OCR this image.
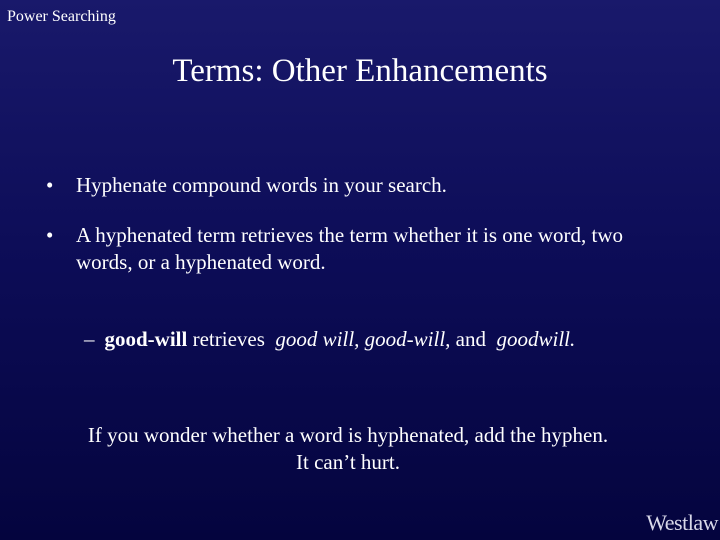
Power Searching
Terms: Other Enhancements
• Hyphenate compound words in your search.
• A hyphenated term retrieves the term whether it is one word, two words, or a hyphenated word.
– good-will retrieves good will, good-will, and goodwill.
If you wonder whether a word is hyphenated, add the hyphen.
It can’t hurt.
Westlaw
